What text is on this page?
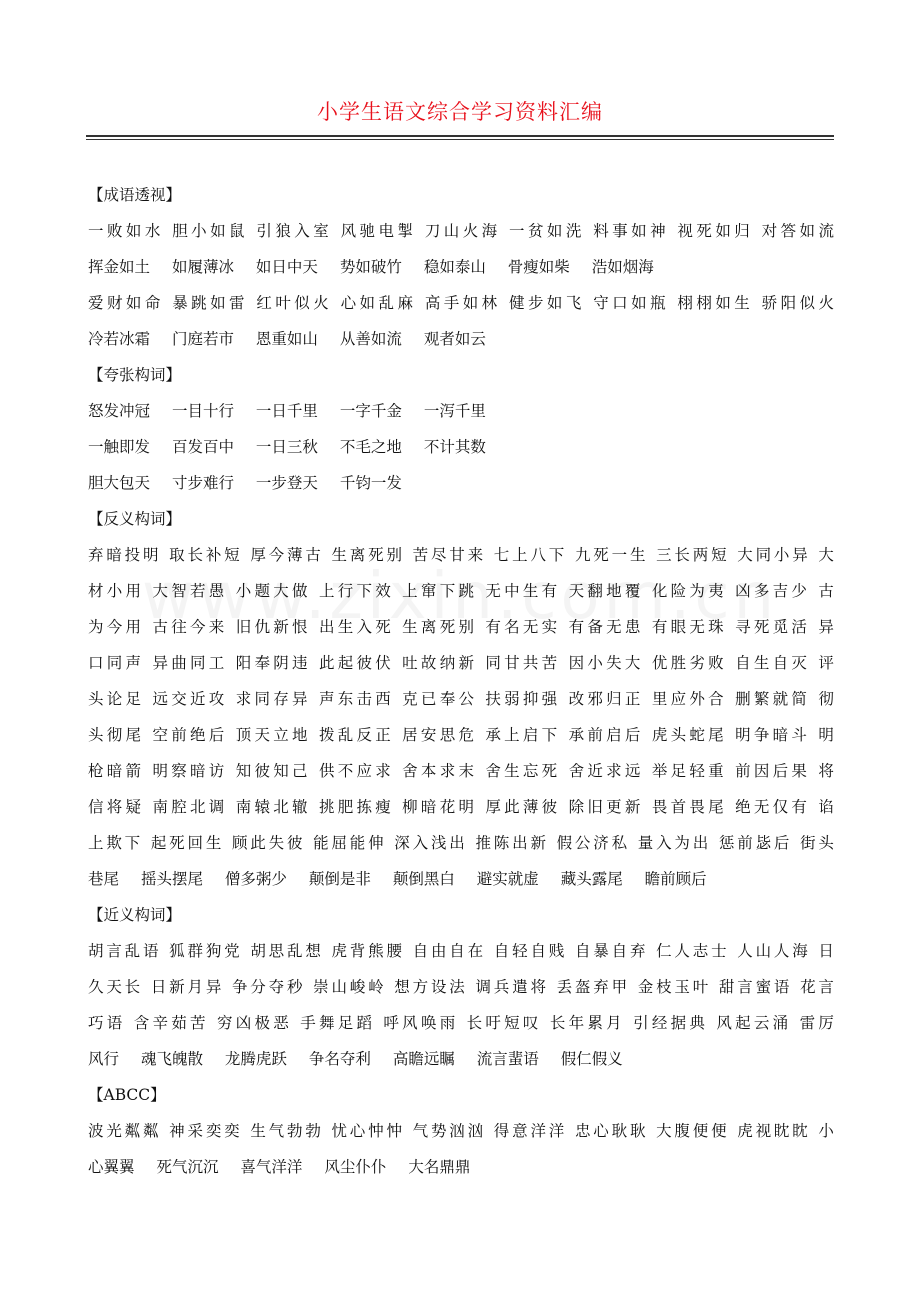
小学生语文综合学习资料汇编
【成语透视】
一败如水 胆小如鼠 引狼入室 风驰电掣 刀山火海 一贫如洗 料事如神 视死如归 对答如流
挥金如土 如履薄冰 如日中天 势如破竹 稳如泰山 骨瘦如柴 浩如烟海
爱财如命 暴跳如雷 红叶似火 心如乱麻 高手如林 健步如飞 守口如瓶 栩栩如生 骄阳似火
冷若冰霜 门庭若市 恩重如山 从善如流 观者如云
【夸张构词】
怒发冲冠 一目十行 一日千里 一字千金 一泻千里
一触即发 百发百中 一日三秋 不毛之地 不计其数
胆大包天 寸步难行 一步登天 千钧一发
【反义构词】
弃暗投明 取长补短 厚今薄古 生离死别 苦尽甘来 七上八下 九死一生 三长两短 大同小异 大
材小用 大智若愚 小题大做 上行下效 上窜下跳 无中生有 天翻地覆 化险为夷 凶多吉少 古
为今用 古往今来 旧仇新恨 出生入死 生离死别 有名无实 有备无患 有眼无珠 寻死觅活 异
口同声 异曲同工 阳奉阴违 此起彼伏 吐故纳新 同甘共苦 因小失大 优胜劣败 自生自灭 评
头论足 远交近攻 求同存异 声东击西 克已奉公 扶弱抑强 改邪归正 里应外合 删繁就简 彻
头彻尾 空前绝后 顶天立地 拨乱反正 居安思危 承上启下 承前启后 虎头蛇尾 明争暗斗 明
枪暗箭 明察暗访 知彼知己 供不应求 舍本求末 舍生忘死 舍近求远 举足轻重 前因后果 将
信将疑 南腔北调 南辕北辙 挑肥拣瘦 柳暗花明 厚此薄彼 除旧更新 畏首畏尾 绝无仅有 谄
上欺下 起死回生 顾此失彼 能屈能伸 深入浅出 推陈出新 假公济私 量入为出 惩前毖后 街头
巷尾 摇头摆尾 僧多粥少 颠倒是非 颠倒黑白 避实就虚 藏头露尾 瞻前顾后
【近义构词】
胡言乱语 狐群狗党 胡思乱想 虎背熊腰 自由自在 自轻自贱 自暴自弃 仁人志士 人山人海 日
久天长 日新月异 争分夺秒 崇山峻岭 想方设法 调兵遣将 丢盔弃甲 金枝玉叶 甜言蜜语 花言
巧语 含辛茹苦 穷凶极恶 手舞足蹈 呼风唤雨 长吁短叹 长年累月 引经据典 风起云涌 雷厉
风行 魂飞魄散 龙腾虎跃 争名夺利 高瞻远瞩 流言蜚语 假仁假义
【ABCC】
波光粼粼 神采奕奕 生气勃勃 忧心忡忡 气势汹汹 得意洋洋 忠心耿耿 大腹便便 虎视眈眈 小
心翼翼 死气沉沉 喜气洋洋 风尘仆仆 大名鼎鼎
